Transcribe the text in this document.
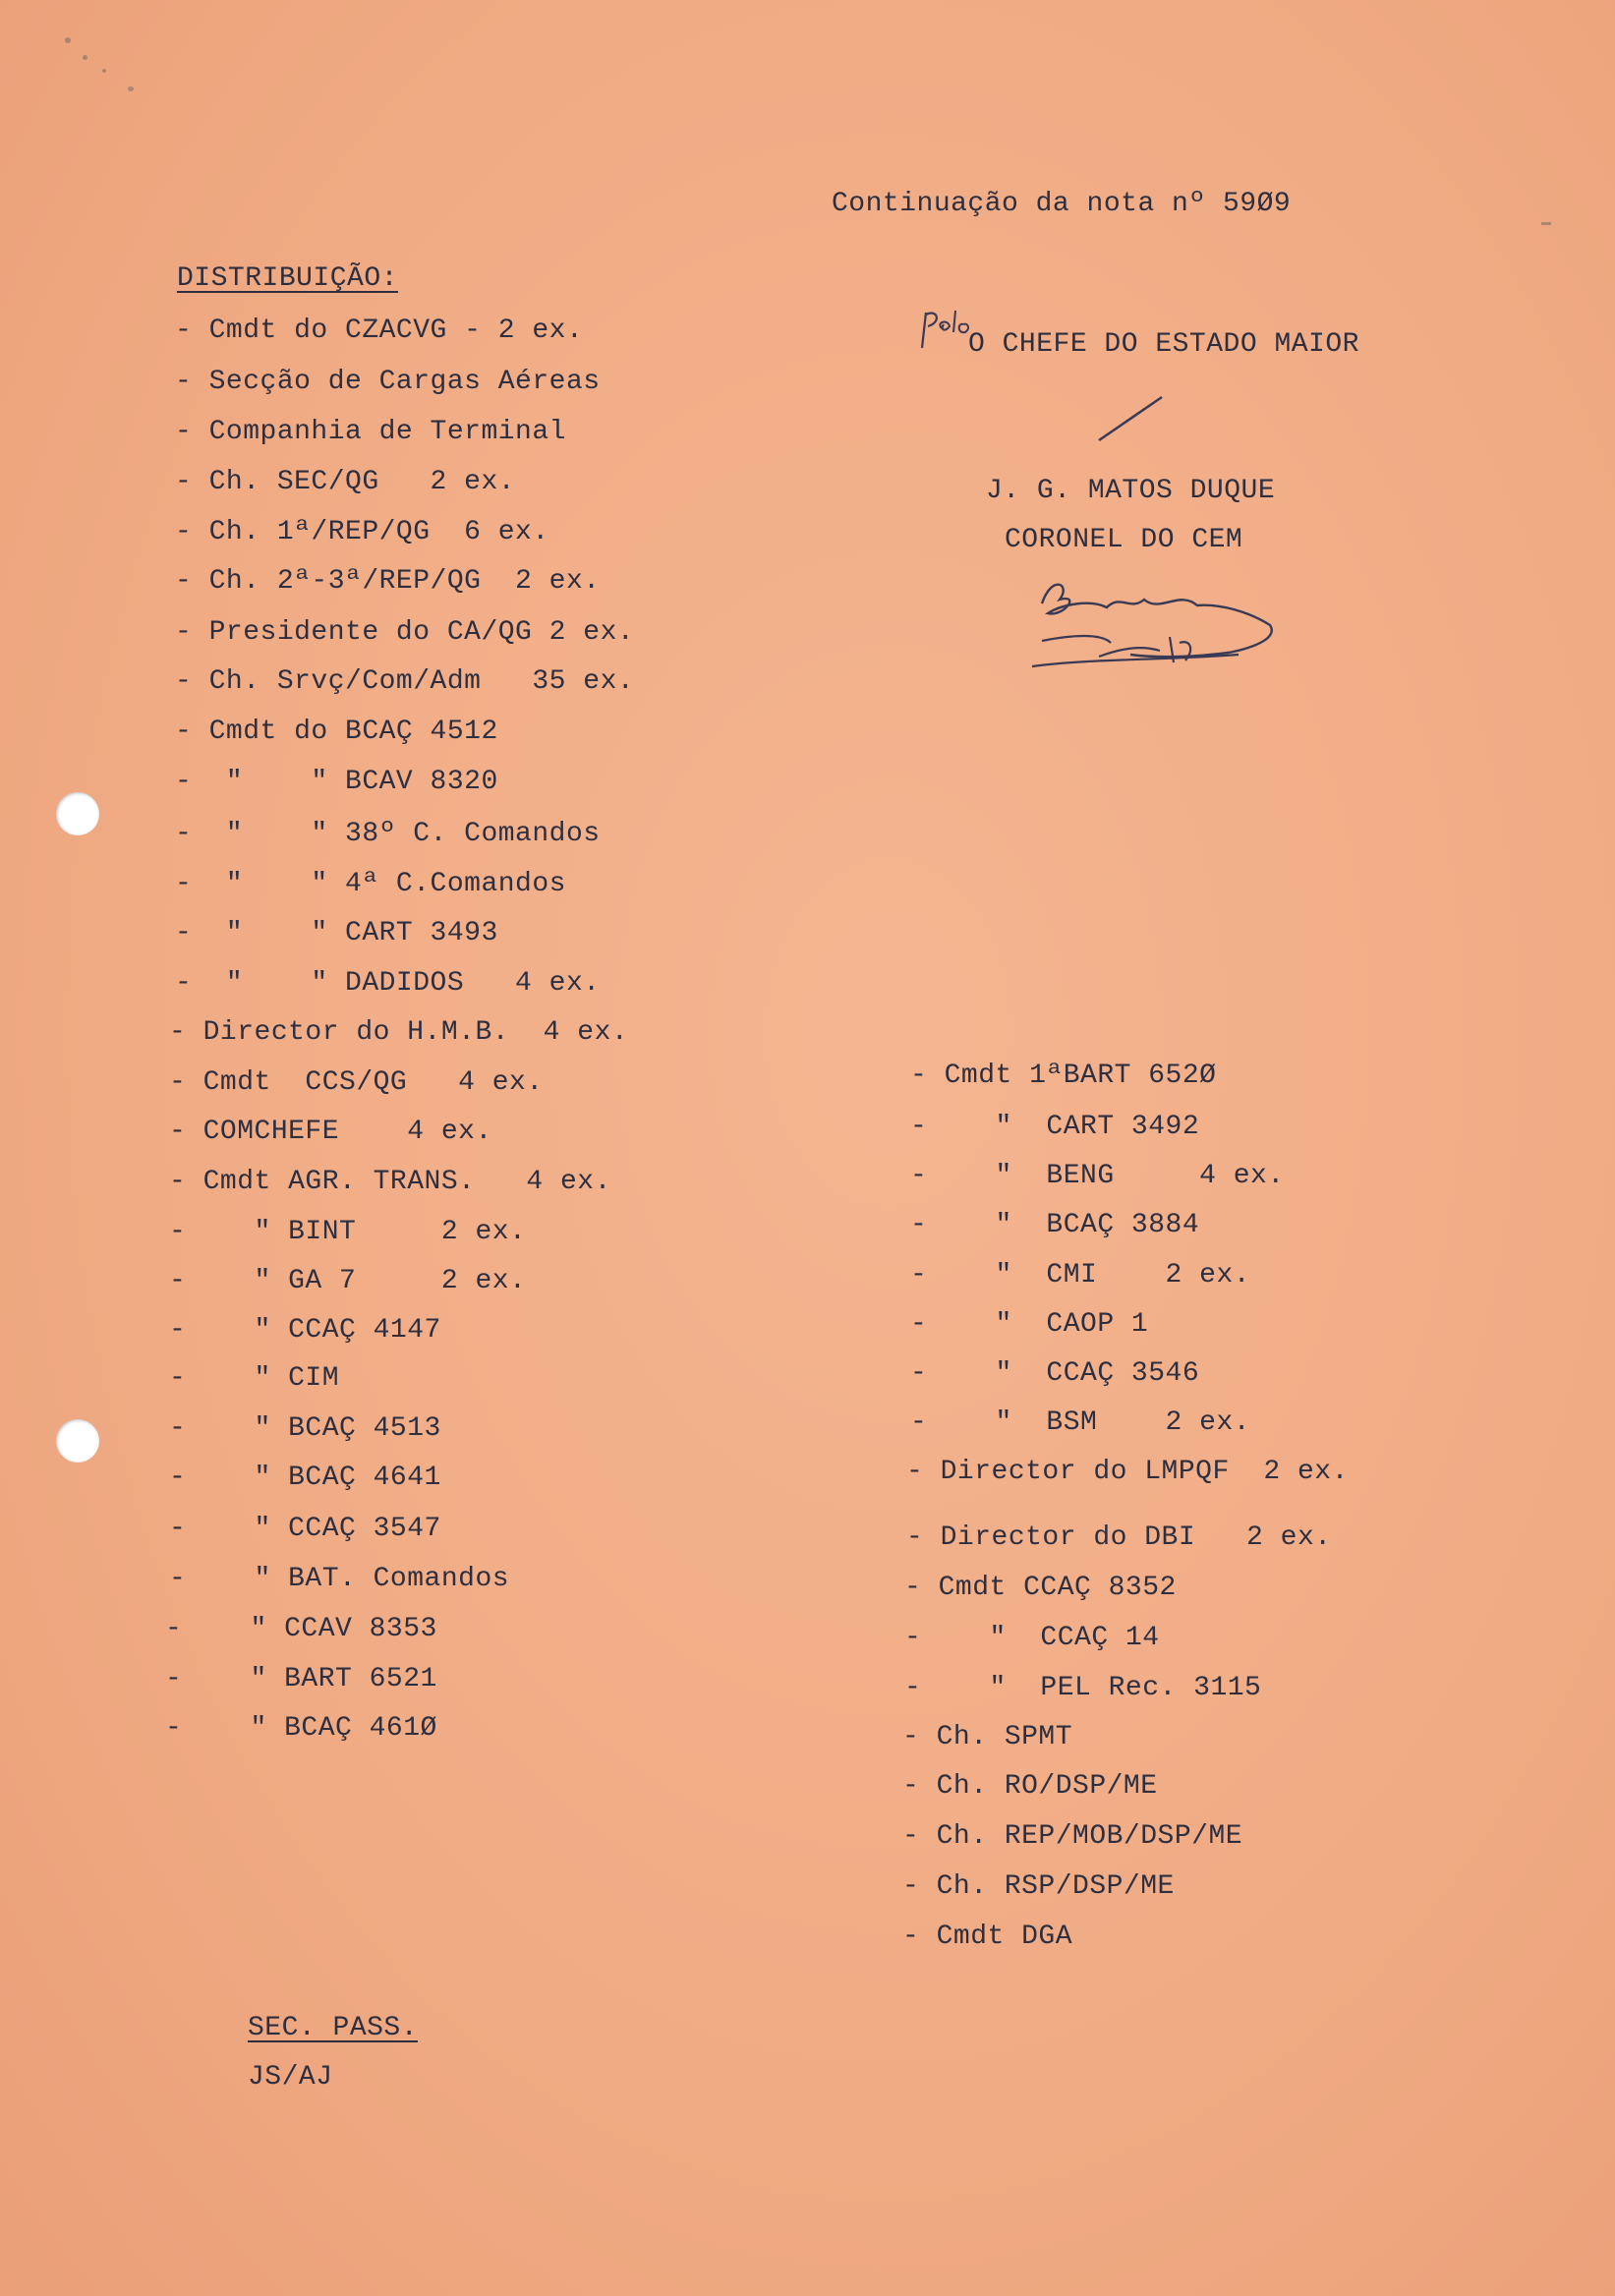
Continuação da nota nº 59Ø9
DISTRIBUIÇÃO:
O CHEFE DO ESTADO MAIOR
J. G. MATOS DUQUE
CORONEL DO CEM
- Cmdt do CZACVG - 2 ex.
- Secção de Cargas Aéreas
- Companhia de Terminal
- Ch. SEC/QG   2 ex.
- Ch. 1ª/REP/QG  6 ex.
- Ch. 2ª-3ª/REP/QG  2 ex.
- Presidente do CA/QG 2 ex.
- Ch. Srvç/Com/Adm   35 ex.
- Cmdt do BCAÇ 4512
-  "    " BCAV 8320
-  "    " 38º C. Comandos
-  "    " 4ª C.Comandos
-  "    " CART 3493
-  "    " DADIDOS   4 ex.
- Director do H.M.B.  4 ex.
- Cmdt  CCS/QG   4 ex.
- COMCHEFE    4 ex.
- Cmdt AGR. TRANS.   4 ex.
-    " BINT     2 ex.
-    " GA 7     2 ex.
-    " CCAÇ 4147
-    " CIM
-    " BCAÇ 4513
-    " BCAÇ 4641
-    " CCAÇ 3547
-    " BAT. Comandos
-    " CCAV 8353
-    " BART 6521
-    " BCAÇ 461Ø
- Cmdt 1ªBART 652Ø
-    "  CART 3492
-    "  BENG     4 ex.
-    "  BCAÇ 3884
-    "  CMI    2 ex.
-    "  CAOP 1
-    "  CCAÇ 3546
-    "  BSM    2 ex.
- Director do LMPQF  2 ex.
- Director do DBI   2 ex.
- Cmdt CCAÇ 8352
-    "  CCAÇ 14
-    "  PEL Rec. 3115
- Ch. SPMT
- Ch. RO/DSP/ME
- Ch. REP/MOB/DSP/ME
- Ch. RSP/DSP/ME
- Cmdt DGA
SEC. PASS.
JS/AJ
